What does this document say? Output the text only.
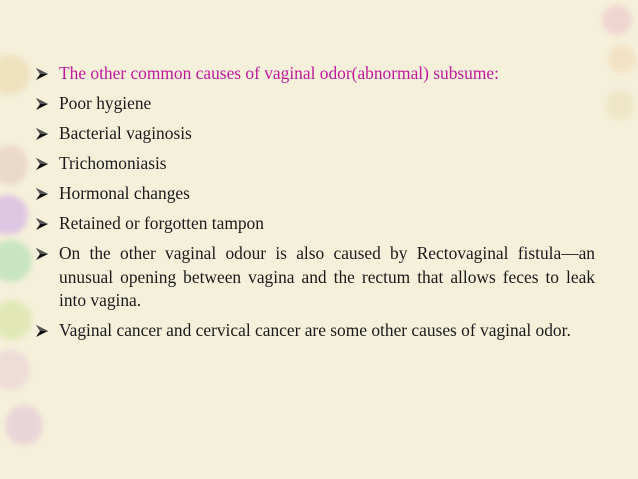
The other common causes of vaginal odor(abnormal) subsume:
Poor hygiene
Bacterial vaginosis
Trichomoniasis
Hormonal changes
Retained or forgotten tampon
On the other vaginal odour is also caused by Rectovaginal fistula—an unusual opening between vagina and the rectum that allows feces to leak into vagina.
Vaginal cancer and cervical cancer are some other causes of vaginal odor.
